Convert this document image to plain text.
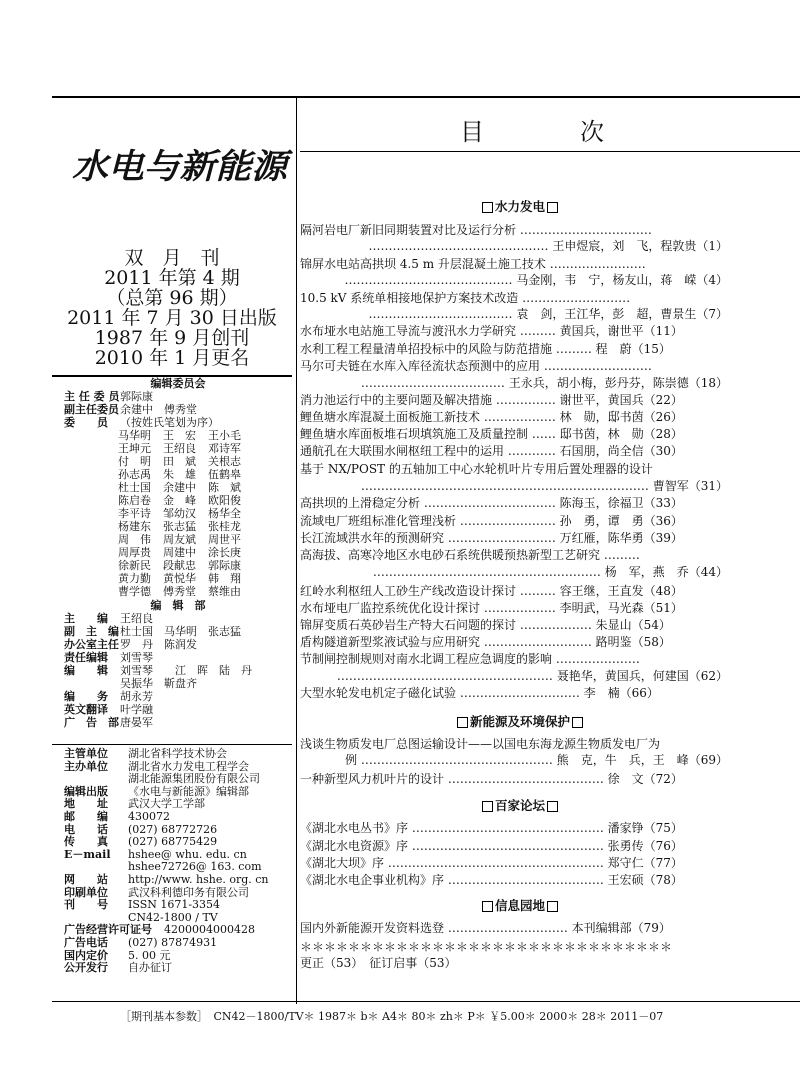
水电与新能源
双　月　刊
2011 年第 4 期
（总第 96 期）
2011 年 7 月 30 日出版
1987 年 9 月创刊
2010 年 1 月更名
编辑委员会
主 任 委 员郭际康
副主任委员余建中　傅秀堂
委　　员 （按姓氏笔划为序）
马华明 王　宏 王小毛
王坤元 王绍良 邓诗军
付　明 田　斌 关根志
孙志禹 朱　雄 伍鹤皋
杜士国 余建中 陈　斌
陈启卷 金　峰 欧阳俊
李平诗 邹幼汉 杨华全
杨建东 张志猛 张桂龙
周　伟 周友斌 周世平
周厚贵 周建中 涂长庚
徐新民 段献忠 郭际康
黄力勤 黄悦华 韩　翔
曹学德 傅秀堂 蔡维由
编　辑　部
主　　编 王绍良
副　主　编杜士国　马华明　张志猛
办公室主任罗　丹　陈润发
责任编辑 刘雪琴
编　　辑 刘雪琴　　江　晖　陆　丹
吴振华　靳盘齐
编　　务 胡永芳
英文翻译 叶学融
广　告　部唐晏军
主管单位 湖北省科学技术协会
主办单位 湖北省水力发电工程学会
湖北能源集团股份有限公司
编辑出版 《水电与新能源》编辑部
地　　址 武汉大学工学部
邮　　编 430072
电　　话 (027) 68772726
传　　真 (027) 68775429
E－mail hshee@ whu. edu. cn
hshee72726@ 163. com
网　　站 http://www. hshe. org. cn
印刷单位 武汉科利德印务有限公司
刊　　号 ISSN 1671-3354
CN42-1800 / TV
广告经营许可证号 4200004000428
广告电话 (027) 87874931
国内定价 5. 00 元
公开发行 自办征订
目　次
水力发电
新能源及环境保护
百家论坛
信息园地
隔河岩电厂新旧同期装置对比及运行分析 ……………………………
……………………………………… 王申煜宸，刘　飞，程敦贵（1）
锦屏水电站高拱坝 4.5 m 升层混凝土施工技术 ……………………
…………………………………… 马金刚，韦　宁，杨友山，蒋　嵘（4）
10.5 kV 系统单相接地保护方案技术改造 ………………………
……………………………… 袁　剑，王江华，彭　超，曹景生（7）
水布垭水电站施工导流与渡汛水力学研究 ……… 黄国兵，谢世平（11）
水利工程工程量清单招投标中的风险与防范措施 ……… 程　蔚（15）
马尔可夫链在水库入库径流状态预测中的应用 ………………………
……………………………… 王永兵，胡小梅，彭丹芬，陈崇德（18）
消力池运行中的主要问题及解决措施 …………… 谢世平，黄国兵（22）
鲤鱼塘水库混凝土面板施工新技术 ……………… 林　勋，邸书茵（26）
鲤鱼塘水库面板堆石坝填筑施工及质量控制 …… 邸书茵，林　勋（28）
通航孔在大联围水闸枢纽工程中的运用 ………… 石国朋，尚全信（30）
基于 NX/POST 的五轴加工中心水轮机叶片专用后置处理器的设计
……………………………………………………………… 曹智军（31）
高拱坝的上滑稳定分析 …………………………… 陈海玉，徐福卫（33）
流域电厂班组标准化管理浅析 …………………… 孙　勇，谭　勇（36）
长江流域洪水年的预测研究 ……………………… 万红雁，陈华勇（39）
高海拔、高寒冷地区水电砂石系统供暖预热新型工艺研究 ………
………………………………………………… 杨　军，燕　乔（44）
红岭水利枢纽人工砂生产线改造设计探讨 ……… 容王继，王直发（48）
水布垭电厂监控系统优化设计探讨 ……………… 李明武，马光森（51）
锦屏变质石英砂岩生产特大石问题的探讨 ……………… 朱显山（54）
盾构隧道新型浆液试验与应用研究 ……………………… 路明鉴（58）
节制闸控制规则对南水北调工程应急调度的影响 …………………
……………………………………………… 聂艳华，黄国兵，何建国（62）
大型水轮发电机定子磁化试验 ………………………… 李　楠（66）
浅谈生物质发电厂总图运输设计——以国电东海龙源生物质发电厂为
例 ………………………………………… 熊　克，牛　兵，王　峰（69）
一种新型风力机叶片的设计 ………………………………… 徐　文（72）
《湖北水电丛书》序 ………………………………………… 潘家铮（75）
《湖北水电资源》序 ………………………………………… 张勇传（76）
《湖北大坝》序 ……………………………………………… 郑守仁（77）
《湖北水电企事业机构》序 ………………………………… 王宏硕（78）
国内外新能源开发资料选登 ………………………… 本刊编辑部（79）
＊＊＊＊＊＊＊＊＊＊＊＊＊＊＊＊＊＊＊＊＊＊＊＊＊＊＊＊＊＊＊
更正（53）　征订启事（53）
［期刊基本参数］　CN42－1800/TV＊ 1987＊ b＊ A4＊ 80＊ zh＊ P＊ ￥5.00＊ 2000＊ 28＊ 2011－07
